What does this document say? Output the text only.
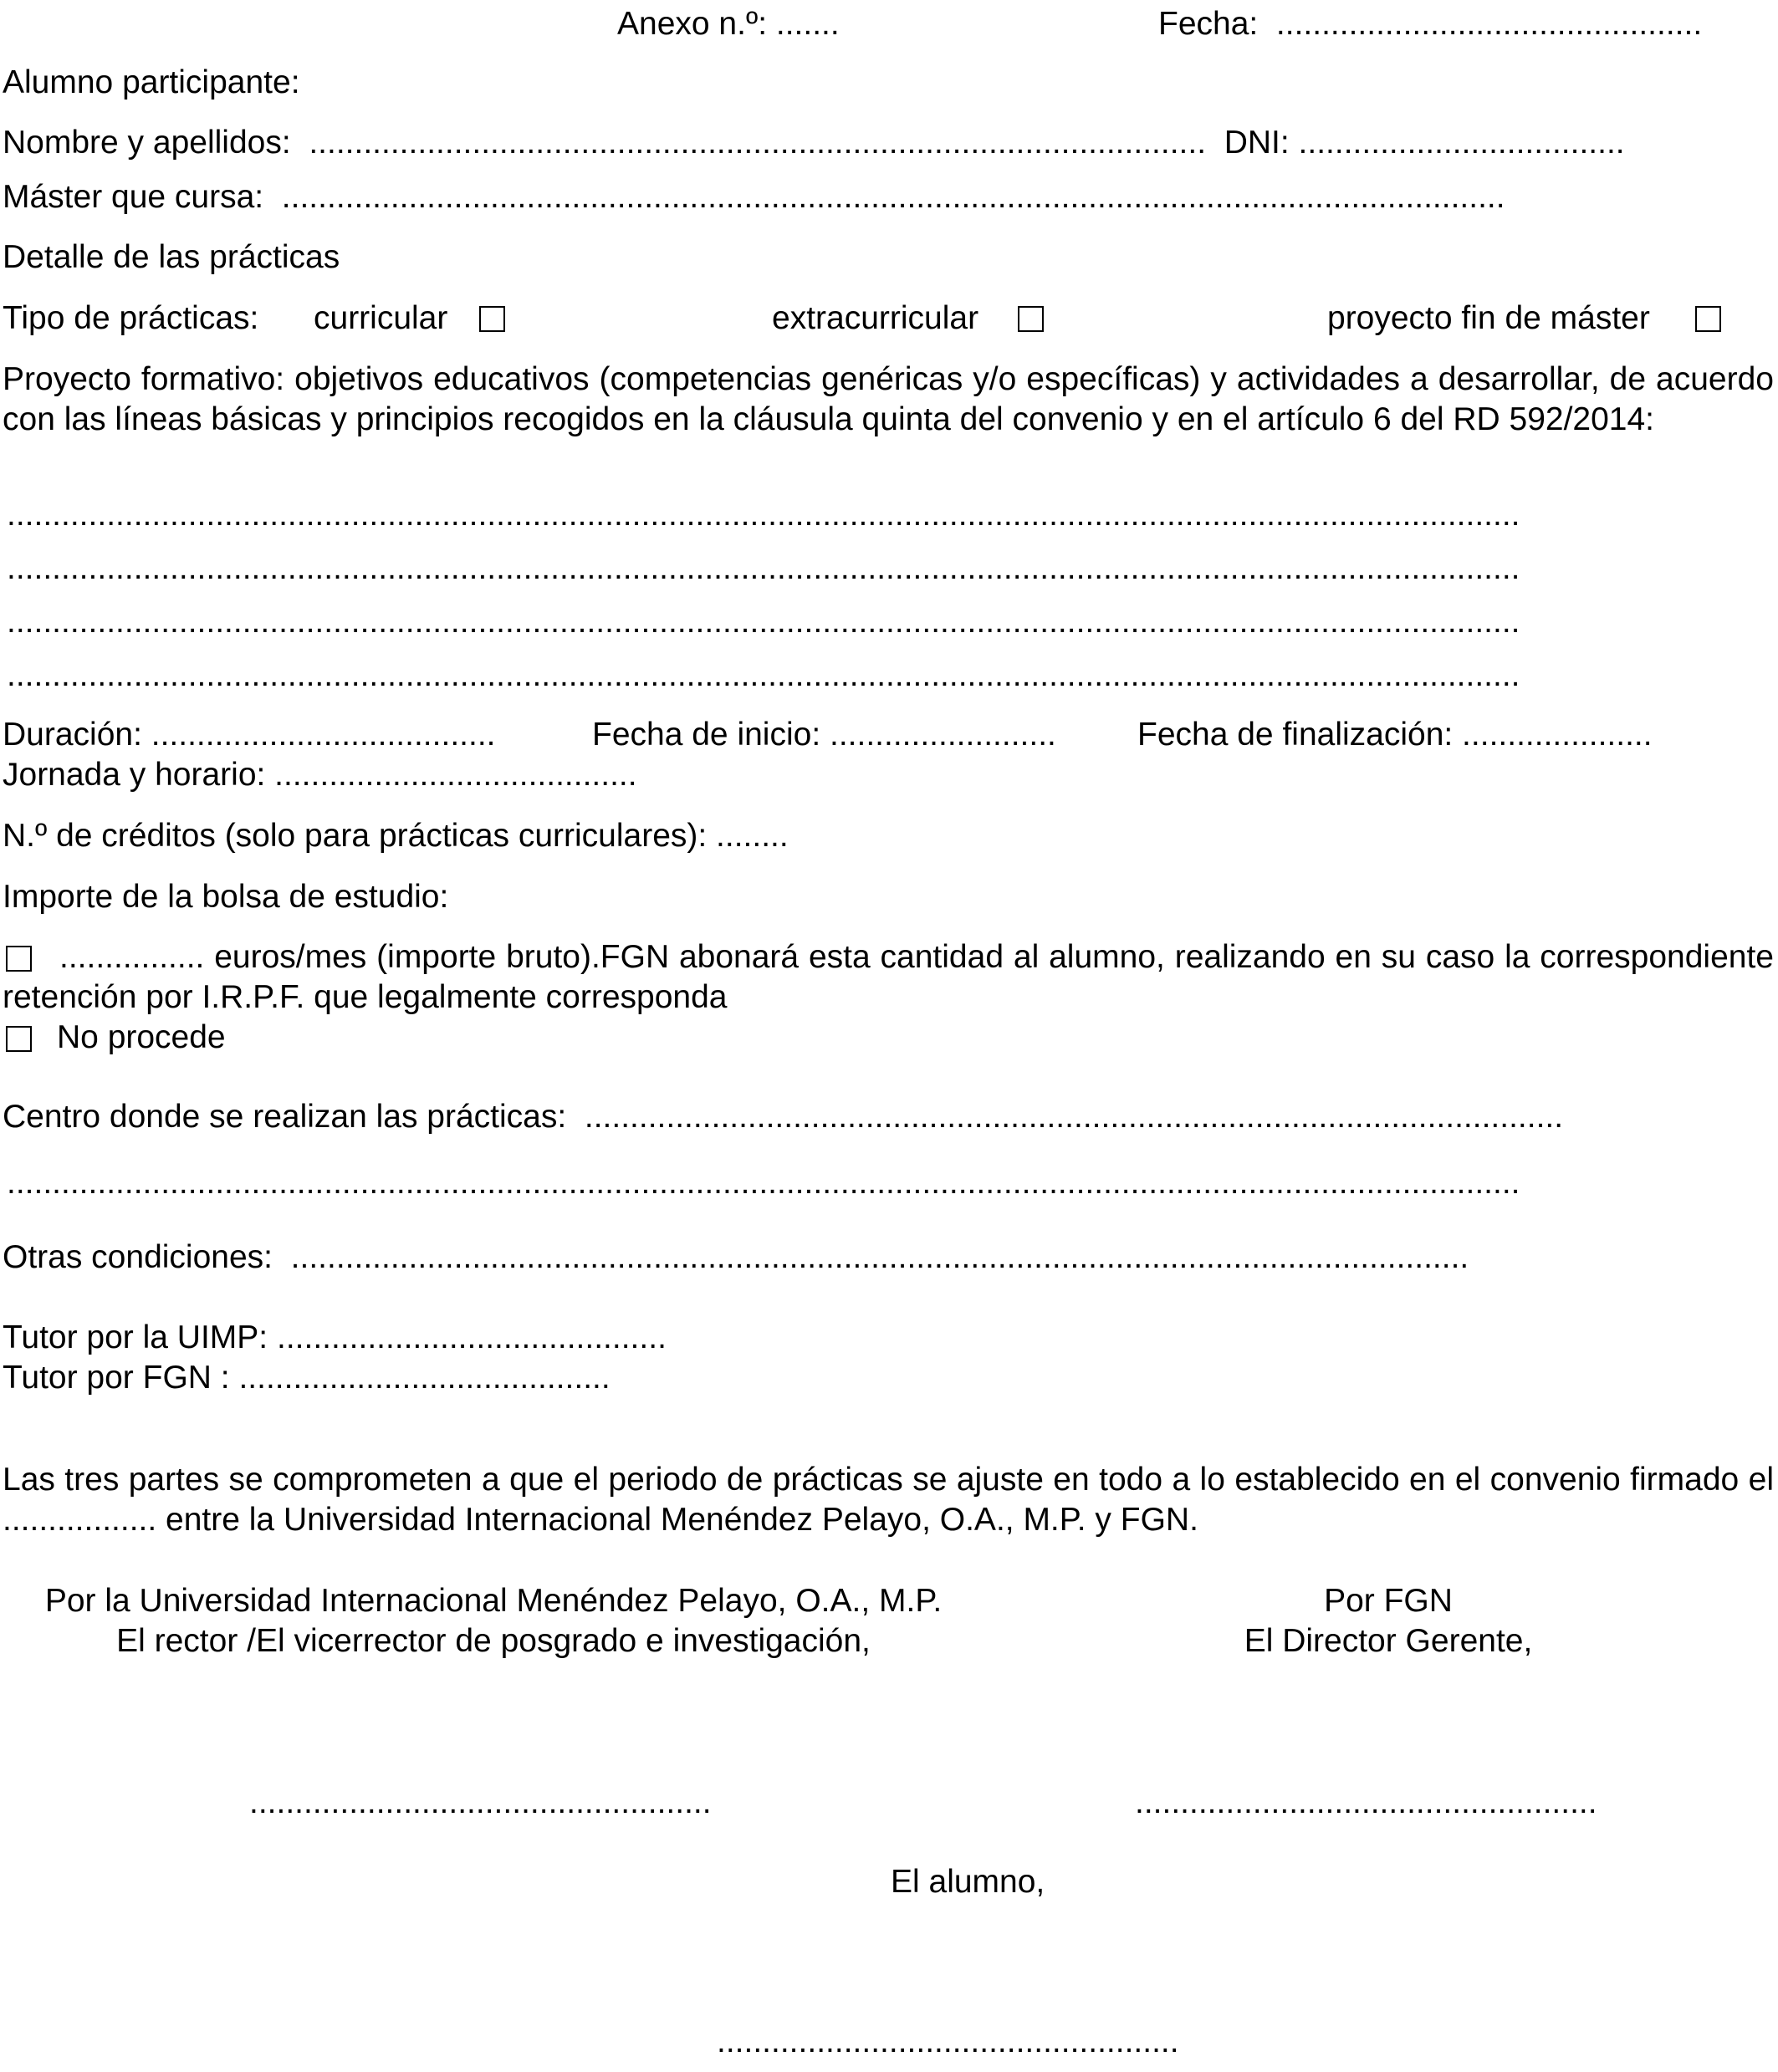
Anexo n.º: .......	Fecha:  ...............................................
Alumno participante:
Nombre y apellidos:  ...................................................................................................  DNI: ....................................
Máster que cursa:  .......................................................................................................................................
Detalle de las prácticas
Tipo de prácticas: curricular	extracurricular	proyecto fin de máster
Proyecto formativo: objetivos educativos (competencias genéricas y/o específicas) y actividades a desarrollar, de acuerdo con las líneas básicas y principios recogidos en la cláusula quinta del convenio y en el artículo 6 del RD 592/2014:
.......................................................................................................................................................................
.......................................................................................................................................................................
.......................................................................................................................................................................
.......................................................................................................................................................................
Duración: ......................................	Fecha de inicio: ......................... Fecha de finalización: .....................
Jornada y horario: ........................................
N.º de créditos (solo para prácticas curriculares): ........
Importe de la bolsa de estudio:
................ euros/mes (importe bruto).FGN abonará esta cantidad al alumno, realizando en su caso la correspondiente retención por I.R.P.F. que legalmente corresponda
No procede
Centro donde se realizan las prácticas:  ............................................................................................................
.......................................................................................................................................................................
Otras condiciones:  ..................................................................................................................................
Tutor por la UIMP: ...........................................
Tutor por FGN : .........................................
Las tres partes se comprometen a que el periodo de prácticas se ajuste en todo a lo establecido en el convenio firmado el ................. entre la Universidad Internacional Menéndez Pelayo, O.A., M.P. y FGN.
Por la Universidad Internacional Menéndez Pelayo, O.A., M.P.
El rector /El vicerrector de posgrado e investigación,
Por FGN
El Director Gerente,
...................................................	...................................................
El alumno,
...................................................
